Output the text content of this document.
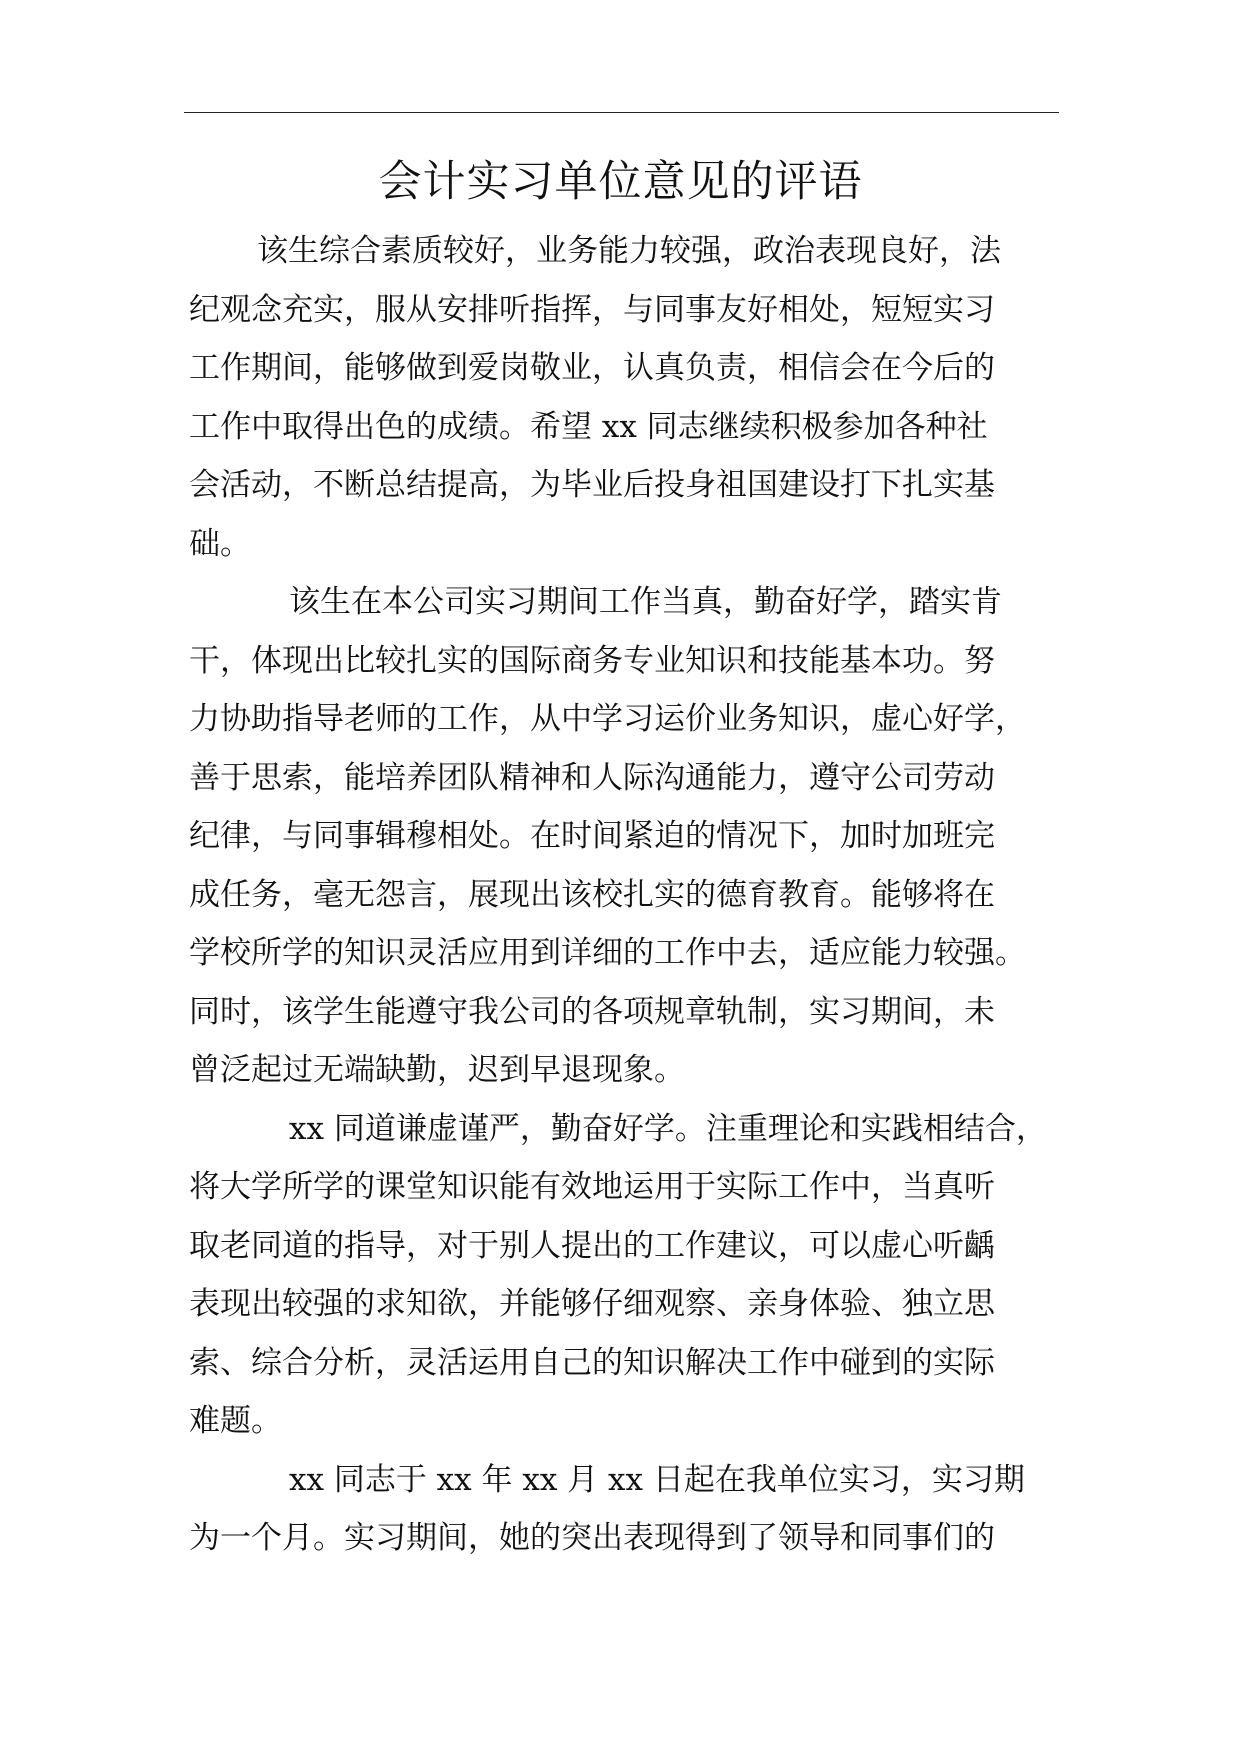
会计实习单位意见的评语
该生综合素质较好，业务能力较强，政治表现良好，法
纪观念充实，服从安排听指挥，与同事友好相处，短短实习
工作期间，能够做到爱岗敬业，认真负责，相信会在今后的
工作中取得出色的成绩。希望 xx 同志继续积极参加各种社
会活动，不断总结提高，为毕业后投身祖国建设打下扎实基
础。
该生在本公司实习期间工作当真，勤奋好学，踏实肯
干，体现出比较扎实的国际商务专业知识和技能基本功。努
力协助指导老师的工作，从中学习运价业务知识，虚心好学，
善于思索，能培养团队精神和人际沟通能力，遵守公司劳动
纪律，与同事辑穆相处。在时间紧迫的情况下，加时加班完
成任务，毫无怨言，展现出该校扎实的德育教育。能够将在
学校所学的知识灵活应用到详细的工作中去，适应能力较强。
同时，该学生能遵守我公司的各项规章轨制，实习期间，未
曾泛起过无端缺勤，迟到早退现象。
xx 同道谦虚谨严，勤奋好学。注重理论和实践相结合，
将大学所学的课堂知识能有效地运用于实际工作中，当真听
取老同道的指导，对于别人提出的工作建议，可以虚心听齲
表现出较强的求知欲，并能够仔细观察、亲身体验、独立思
索、综合分析，灵活运用自己的知识解决工作中碰到的实际
难题。
xx 同志于 xx 年 xx 月 xx 日起在我单位实习，实习期
为一个月。实习期间，她的突出表现得到了领导和同事们的
